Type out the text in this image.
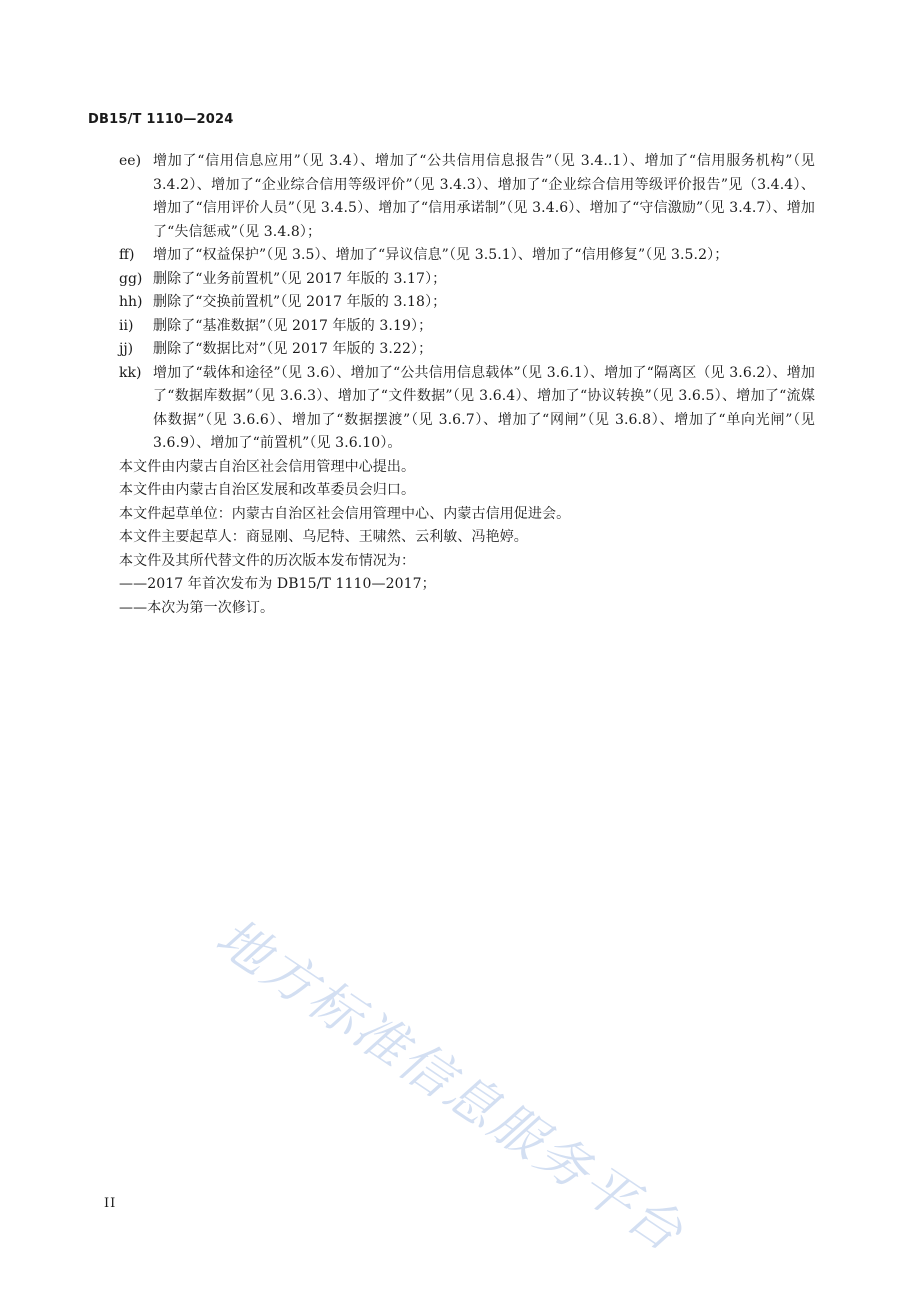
DB15/T 1110—2024
ee) 增加了“信用信息应用”（见 3.4）、增加了“公共信用信息报告”（见 3.4..1）、增加了“信用服务机构”（见 3.4.2）、增加了“企业综合信用等级评价”（见 3.4.3）、增加了“企业综合信用等级评价报告”见（3.4.4）、增加了“信用评价人员”（见 3.4.5）、增加了“信用承诺制”（见 3.4.6）、增加了“守信激励”（见 3.4.7）、增加了“失信惩戒”（见 3.4.8）；
ff)	增加了“权益保护”（见 3.5）、增加了“异议信息”（见 3.5.1）、增加了“信用修复”（见 3.5.2）；
gg) 删除了“业务前置机”（见 2017 年版的 3.17）；
hh) 删除了“交换前置机”（见 2017 年版的 3.18）；
ii)	删除了“基准数据”（见 2017 年版的 3.19）；
jj)	删除了“数据比对”（见 2017 年版的 3.22）；
kk) 增加了“载体和途径”（见 3.6）、增加了“公共信用信息载体”（见 3.6.1）、增加了“隔离区（见 3.6.2）、增加了“数据库数据”（见 3.6.3）、增加了“文件数据”（见 3.6.4）、增加了“协议转换”（见 3.6.5）、增加了“流媒体数据”（见 3.6.6）、增加了“数据摆渡”（见 3.6.7）、增加了“网闸”（见 3.6.8）、增加了“单向光闸”（见 3.6.9）、增加了“前置机”（见 3.6.10）。

本文件由内蒙古自治区社会信用管理中心提出。

本文件由内蒙古自治区发展和改革委员会归口。

本文件起草单位：内蒙古自治区社会信用管理中心、内蒙古信用促进会。

本文件主要起草人：商显刚、乌尼特、王啸然、云利敏、冯艳婷。

本文件及其所代替文件的历次版本发布情况为：

——2017 年首次发布为 DB15/T 1110—2017；

——本次为第一次修订。

地方标准信息服务平台
II
